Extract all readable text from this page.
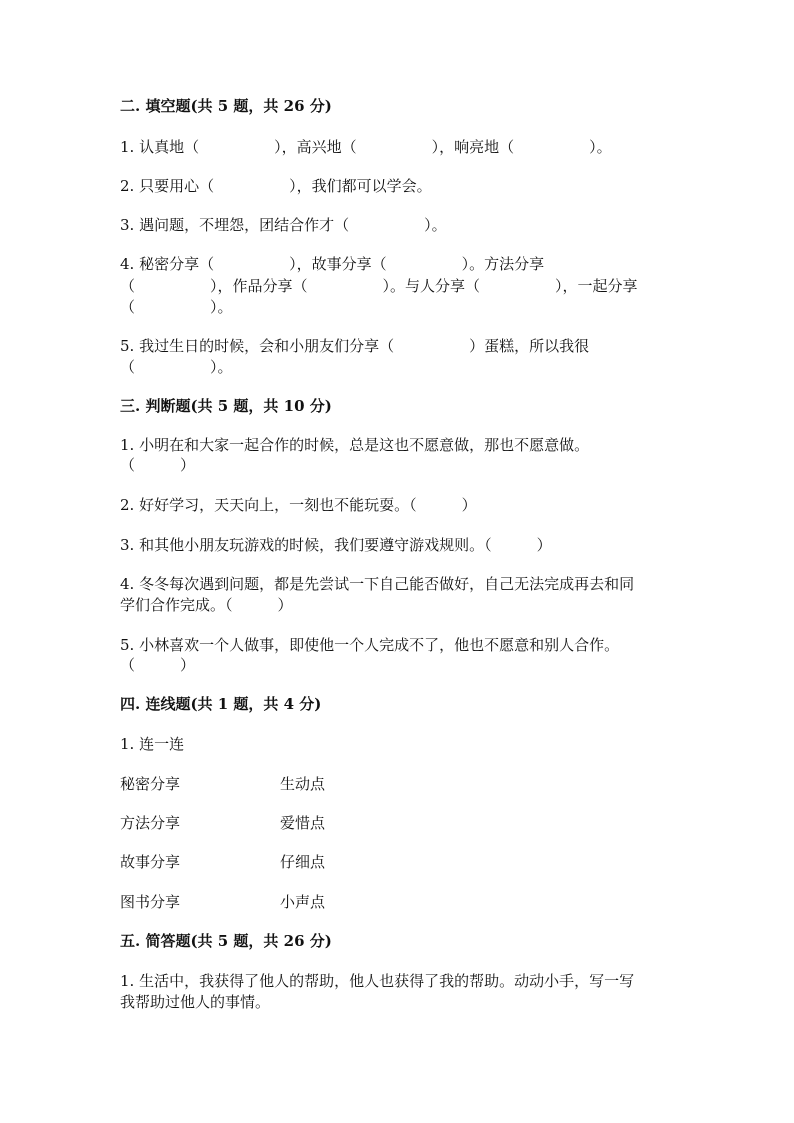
二. 填空题(共 5 题，共 26 分)
1. 认真地（　　　　　），高兴地（　　　　　），响亮地（　　　　　）。
2. 只要用心（　　　　　），我们都可以学会。
3. 遇问题，不埋怨，团结合作才（　　　　　）。
4. 秘密分享（　　　　　），故事分享（　　　　　）。方法分享
（　　　　　），作品分享（　　　　　）。与人分享（　　　　　），一起分享
（　　　　　）。
5. 我过生日的时候，会和小朋友们分享（　　　　　）蛋糕，所以我很
（　　　　　）。
三. 判断题(共 5 题，共 10 分)
1. 小明在和大家一起合作的时候，总是这也不愿意做，那也不愿意做。
（　　　）
2. 好好学习，天天向上，一刻也不能玩耍。（　　　）
3. 和其他小朋友玩游戏的时候，我们要遵守游戏规则。（　　　）
4. 冬冬每次遇到问题，都是先尝试一下自己能否做好，自己无法完成再去和同
学们合作完成。（　　　）
5. 小林喜欢一个人做事，即使他一个人完成不了，他也不愿意和别人合作。
（　　　）
四. 连线题(共 1 题，共 4 分)
1. 连一连
秘密分享	生动点
方法分享	爱惜点
故事分享	仔细点
图书分享	小声点
五. 简答题(共 5 题，共 26 分)
1. 生活中，我获得了他人的帮助，他人也获得了我的帮助。动动小手，写一写
我帮助过他人的事情。
